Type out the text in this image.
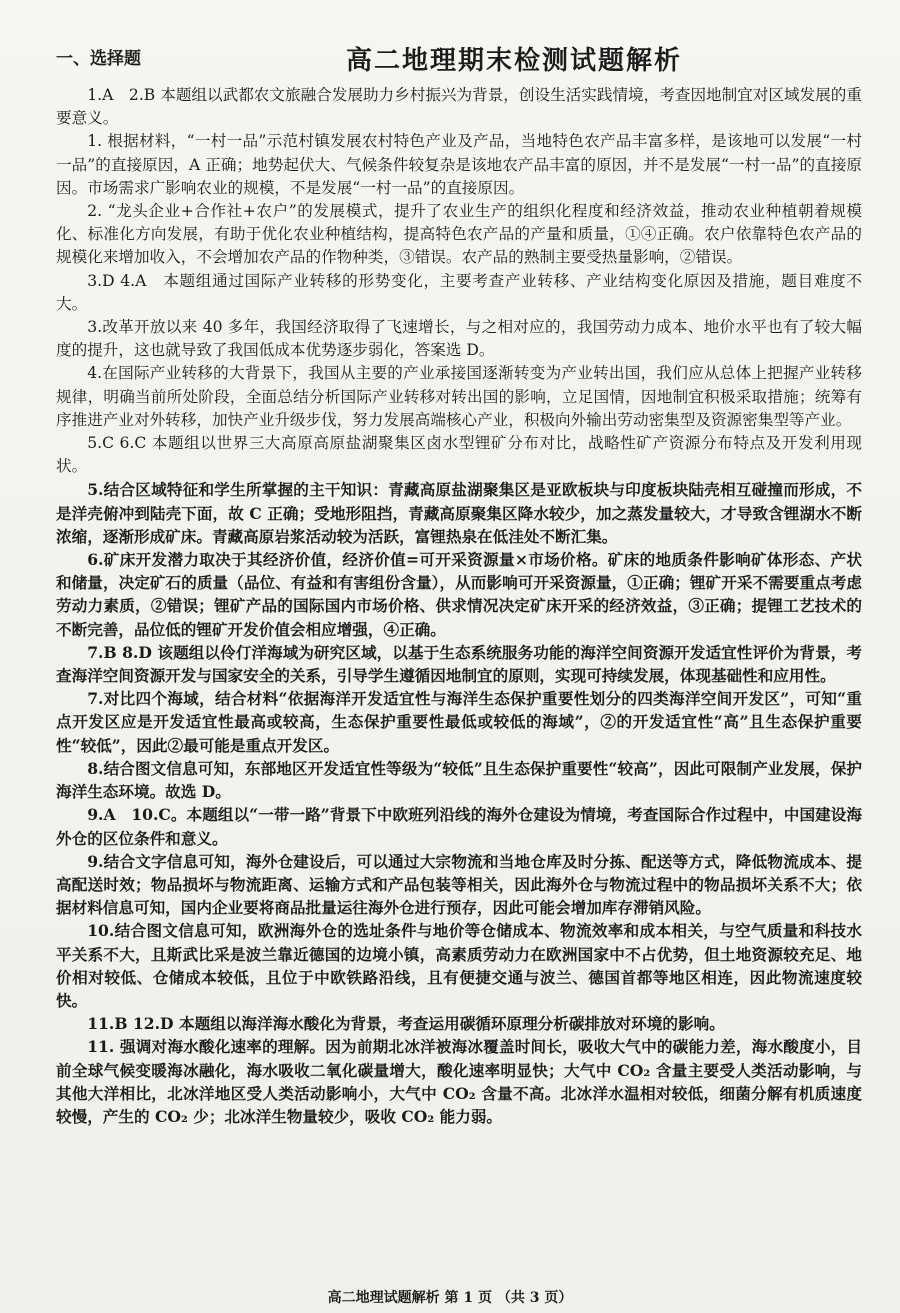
一、选择题	高二地理期末检测试题解析

1.A　2.B 本题组以武都农文旅融合发展助力乡村振兴为背景，创设生活实践情境，考查因地制宜对区域发展的重要意义。

1. 根据材料，“一村一品”示范村镇发展农村特色产业及产品，当地特色农产品丰富多样，是该地可以发展“一村一品”的直接原因，A 正确；地势起伏大、气候条件较复杂是该地农产品丰富的原因，并不是发展“一村一品”的直接原因。市场需求广影响农业的规模，不是发展“一村一品”的直接原因。

2. “龙头企业+合作社+农户”的发展模式，提升了农业生产的组织化程度和经济效益，推动农业种植朝着规模化、标准化方向发展，有助于优化农业种植结构，提高特色农产品的产量和质量，①④正确。农户依靠特色农产品的规模化来增加收入，不会增加农产品的作物种类，③错误。农产品的熟制主要受热量影响，②错误。

3.D 4.A　本题组通过国际产业转移的形势变化，主要考查产业转移、产业结构变化原因及措施，题目难度不大。

3.改革开放以来 40 多年，我国经济取得了飞速增长，与之相对应的，我国劳动力成本、地价水平也有了较大幅度的提升，这也就导致了我国低成本优势逐步弱化，答案选 D。

4.在国际产业转移的大背景下，我国从主要的产业承接国逐渐转变为产业转出国，我们应从总体上把握产业转移规律，明确当前所处阶段，全面总结分析国际产业转移对转出国的影响，立足国情，因地制宜积极采取措施；统筹有序推进产业对外转移，加快产业升级步伐，努力发展高端核心产业，积极向外输出劳动密集型及资源密集型等产业。

5.C 6.C 本题组以世界三大高原高原盐湖聚集区卤水型锂矿分布对比，战略性矿产资源分布特点及开发利用现状。

5.结合区域特征和学生所掌握的主干知识：青藏高原盐湖聚集区是亚欧板块与印度板块陆壳相互碰撞而形成，不是洋壳俯冲到陆壳下面，故 C 正确；受地形阻挡，青藏高原聚集区降水较少，加之蒸发量较大，才导致含锂湖水不断浓缩，逐渐形成矿床。青藏高原岩浆活动较为活跃，富锂热泉在低洼处不断汇集。

6.矿床开发潜力取决于其经济价值，经济价值=可开采资源量×市场价格。矿床的地质条件影响矿体形态、产状和储量，决定矿石的质量（品位、有益和有害组份含量），从而影响可开采资源量，①正确；锂矿开采不需要重点考虑劳动力素质，②错误；锂矿产品的国际国内市场价格、供求情况决定矿床开采的经济效益，③正确；提锂工艺技术的不断完善，品位低的锂矿开发价值会相应增强，④正确。

7.B 8.D 该题组以伶仃洋海域为研究区域，以基于生态系统服务功能的海洋空间资源开发适宜性评价为背景，考查海洋空间资源开发与国家安全的关系，引导学生遵循因地制宜的原则，实现可持续发展，体现基础性和应用性。

7.对比四个海域，结合材料“依据海洋开发适宜性与海洋生态保护重要性划分的四类海洋空间开发区”，可知“重点开发区应是开发适宜性最高或较高，生态保护重要性最低或较低的海域”，②的开发适宜性“高”且生态保护重要性“较低”，因此②最可能是重点开发区。

8.结合图文信息可知，东部地区开发适宜性等级为“较低”且生态保护重要性“较高”，因此可限制产业发展，保护海洋生态环境。故选 D。

9.A　10.C。本题组以“一带一路”背景下中欧班列沿线的海外仓建设为情境，考查国际合作过程中，中国建设海外仓的区位条件和意义。

9.结合文字信息可知，海外仓建设后，可以通过大宗物流和当地仓库及时分拣、配送等方式，降低物流成本、提高配送时效；物品损坏与物流距离、运输方式和产品包装等相关，因此海外仓与物流过程中的物品损坏关系不大；依据材料信息可知，国内企业要将商品批量运往海外仓进行预存，因此可能会增加库存滞销风险。

10.结合图文信息可知，欧洲海外仓的选址条件与地价等仓储成本、物流效率和成本相关，与空气质量和科技水平关系不大，且斯武比采是波兰靠近德国的边境小镇，高素质劳动力在欧洲国家中不占优势，但土地资源较充足、地价相对较低、仓储成本较低，且位于中欧铁路沿线，且有便捷交通与波兰、德国首都等地区相连，因此物流速度较快。

11.B 12.D 本题组以海洋海水酸化为背景，考查运用碳循环原理分析碳排放对环境的影响。

11. 强调对海水酸化速率的理解。因为前期北冰洋被海冰覆盖时间长，吸收大气中的碳能力差，海水酸度小，目前全球气候变暖海冰融化，海水吸收二氧化碳量增大，酸化速率明显快；大气中 CO₂ 含量主要受人类活动影响，与其他大洋相比，北冰洋地区受人类活动影响小，大气中 CO₂ 含量不高。北冰洋水温相对较低，细菌分解有机质速度较慢，产生的 CO₂ 少；北冰洋生物量较少，吸收 CO₂ 能力弱。

高二地理试题解析 第 1 页 （共 3 页）
